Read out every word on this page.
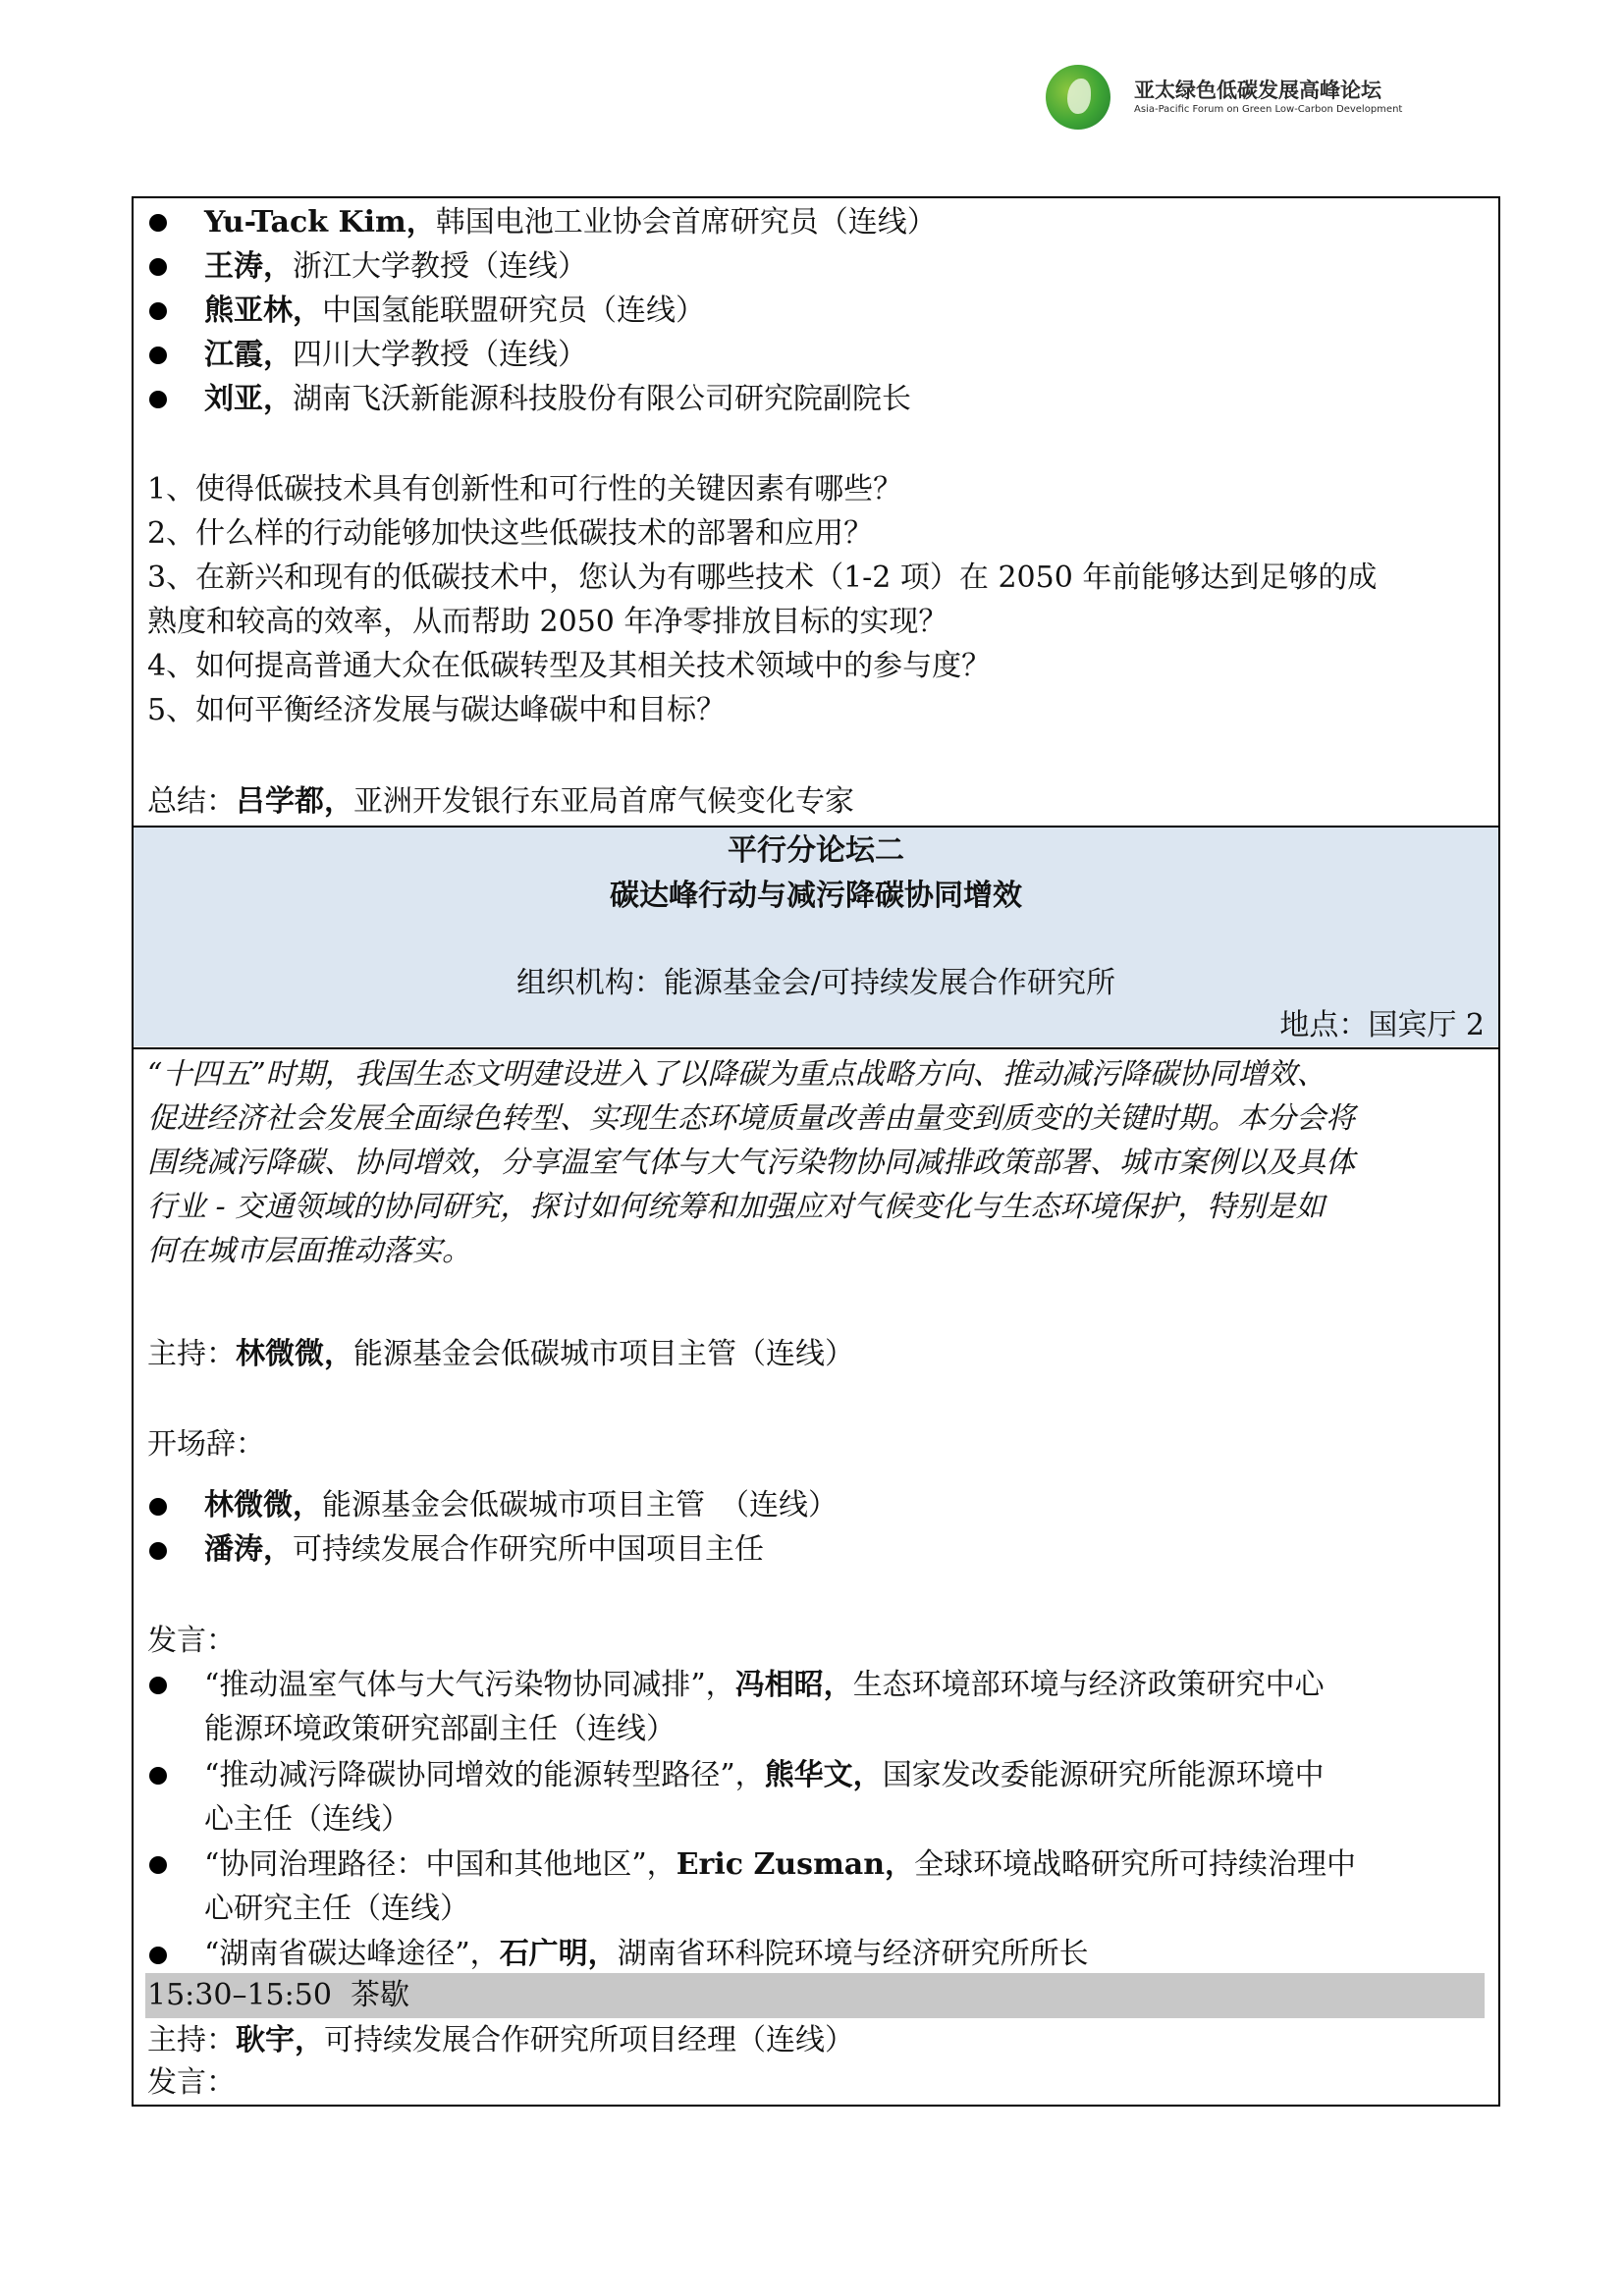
亚太绿色低碳发展高峰论坛
Asia-Pacific Forum on Green Low-Carbon Development
Yu-Tack Kim，韩国电池工业协会首席研究员（连线）
王涛，浙江大学教授（连线）
熊亚林，中国氢能联盟研究员（连线）
江霞，四川大学教授（连线）
刘亚，湖南飞沃新能源科技股份有限公司研究院副院长
1、使得低碳技术具有创新性和可行性的关键因素有哪些？
2、什么样的行动能够加快这些低碳技术的部署和应用？
3、在新兴和现有的低碳技术中，您认为有哪些技术（1-2 项）在 2050 年前能够达到足够的成
熟度和较高的效率，从而帮助 2050 年净零排放目标的实现？
4、如何提高普通大众在低碳转型及其相关技术领域中的参与度？
5、如何平衡经济发展与碳达峰碳中和目标？
总结：吕学都，亚洲开发银行东亚局首席气候变化专家
平行分论坛二
碳达峰行动与减污降碳协同增效
组织机构：能源基金会/可持续发展合作研究所
地点：国宾厅 2
“十四五”时期，我国生态文明建设进入了以降碳为重点战略方向、推动减污降碳协同增效、
促进经济社会发展全面绿色转型、实现生态环境质量改善由量变到质变的关键时期。本分会将
围绕减污降碳、协同增效，分享温室气体与大气污染物协同减排政策部署、城市案例以及具体
行业 - 交通领域的协同研究，探讨如何统筹和加强应对气候变化与生态环境保护，特别是如
何在城市层面推动落实。
主持：林微微，能源基金会低碳城市项目主管（连线）
开场辞：
林微微，能源基金会低碳城市项目主管　（连线）
潘涛，可持续发展合作研究所中国项目主任
发言：
“推动温室气体与大气污染物协同减排”，冯相昭，生态环境部环境与经济政策研究中心
能源环境政策研究部副主任（连线）
“推动减污降碳协同增效的能源转型路径”，熊华文，国家发改委能源研究所能源环境中
心主任（连线）
“协同治理路径：中国和其他地区”，Eric Zusman，全球环境战略研究所可持续治理中
心研究主任（连线）
“湖南省碳达峰途径”，石广明，湖南省环科院环境与经济研究所所长
15:30–15:50 茶歇
主持：耿宇，可持续发展合作研究所项目经理（连线）
发言：
